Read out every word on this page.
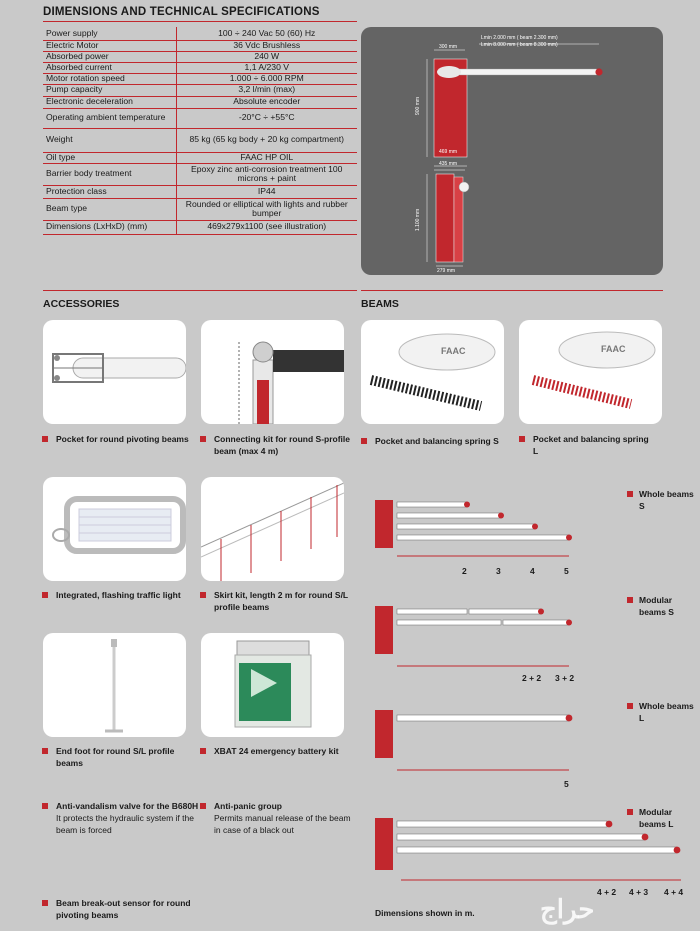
DIMENSIONS AND TECHNICAL SPECIFICATIONS
Power supply	100 ÷ 240 Vac 50 (60) Hz
Electric Motor	36 Vdc Brushless
Absorbed power	240 W
Absorbed current	1,1 A/230 V
Motor rotation speed	1.000 ÷ 6.000 RPM
Pump capacity	3,2 l/min (max)
Electronic deceleration	Absolute encoder
Operating ambient temperature	-20°C ÷ +55°C
Weight	85 kg (65 kg body + 20 kg compartment)
Oil type	FAAC HP OIL
Barrier body treatment	Epoxy zinc anti-corrosion treatment 100 microns + paint
Protection class	IP44
Beam type	Rounded or elliptical with lights and rubber bumper
Dimensions (LxHxD) (mm)	469x279x1100 (see illustration)
Lmin 2.000 mm ( beam 2.300 mm)
Lmin 8.000 mm ( beam 8.300 mm)
300 mm
900 mm
469 mm
435 mm
1.100 mm
279 mm
ACCESSORIES	BEAMS
Pocket for round pivoting beams	Connecting kit for round S-profile beam (max 4 m)
Integrated, flashing traffic light	Skirt kit, length 2 m for round S/L profile beams
End foot for round S/L profile beams
XBAT 24 emergency battery kit
Anti-vandalism valve for the B680H
It protects the hydraulic system if the beam is forced
Anti-panic group
Permits manual release of the beam in case of a black out
Beam break-out sensor for round pivoting beams
FAAC	FAAC
Pocket and balancing spring S	Pocket and balancing spring L
Whole beams S
Modular beams S
Whole beams L
Modular beams L
2	3	4	5
2 + 2 3 + 2
5
4 + 2 4 + 3 4 + 4
Dimensions shown in m.	حراج
